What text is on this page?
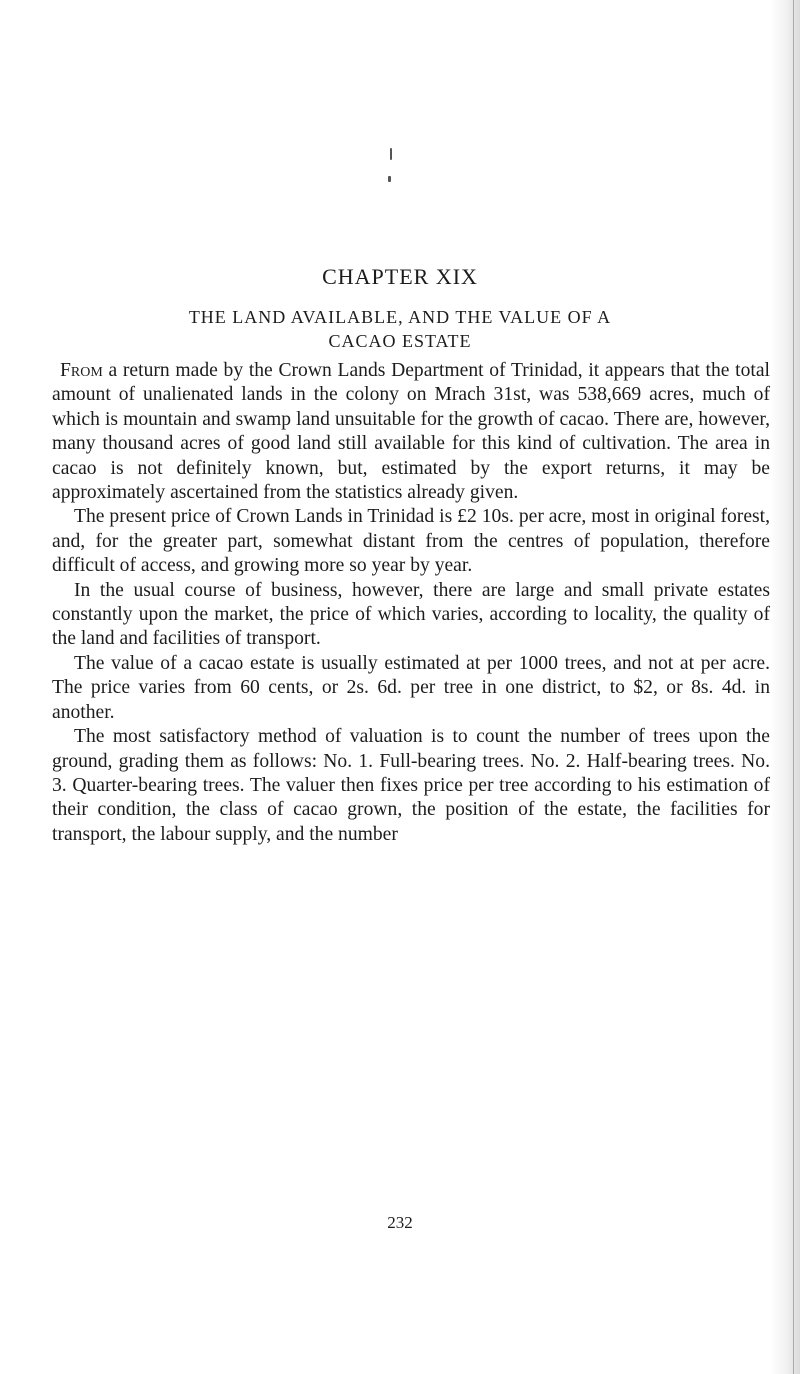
CHAPTER XIX
THE LAND AVAILABLE, AND THE VALUE OF A
CACAO ESTATE

From a return made by the Crown Lands Department of Trinidad, it appears that the total amount of unalienated lands in the colony on Mrach 31st, was 538,669 acres, much of which is mountain and swamp land unsuitable for the growth of cacao. There are, however, many thousand acres of good land still available for this kind of cultivation. The area in cacao is not definitely known, but, estimated by the export returns, it may be approximately ascertained from the statistics already given.

The present price of Crown Lands in Trinidad is £2 10s. per acre, most in original forest, and, for the greater part, somewhat distant from the centres of population, therefore difficult of access, and growing more so year by year.

In the usual course of business, however, there are large and small private estates constantly upon the market, the price of which varies, according to locality, the quality of the land and facilities of transport.

The value of a cacao estate is usually estimated at per 1000 trees, and not at per acre. The price varies from 60 cents, or 2s. 6d. per tree in one district, to $2, or 8s. 4d. in another.

The most satisfactory method of valuation is to count the number of trees upon the ground, grading them as follows: No. 1. Full-bearing trees. No. 2. Half-bearing trees. No. 3. Quarter-bearing trees. The valuer then fixes price per tree according to his estimation of their condition, the class of cacao grown, the position of the estate, the facilities for transport, the labour supply, and the number

232
